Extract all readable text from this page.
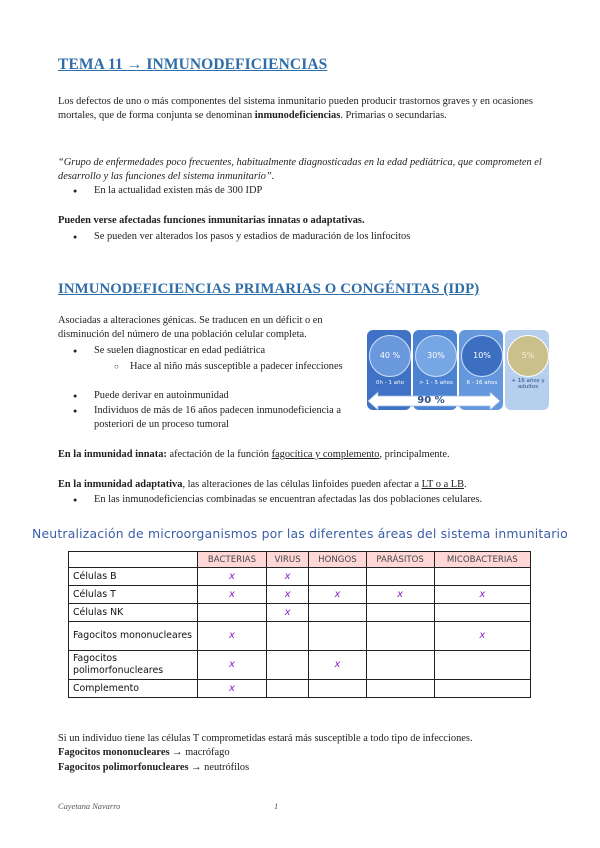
TEMA 11 → INMUNODEFICIENCIAS
Los defectos de uno o más componentes del sistema inmunitario pueden producir trastornos graves y en ocasiones mortales, que de forma conjunta se denominan inmunodeficiencias. Primarias o secundarias.
“Grupo de enfermedades poco frecuentes, habitualmente diagnosticadas en la edad pediátrica, que comprometen el desarrollo y las funciones del sistema inmunitario”.
● En la actualidad existen más de 300 IDP
Pueden verse afectadas funciones inmunitarias innatas o adaptativas.
● Se pueden ver alterados los pasos y estadios de maduración de los linfocitos
INMUNODEFICIENCIAS PRIMARIAS O CONGÉNITAS (IDP)
Asociadas a alteraciones génicas. Se traducen en un déficit o en disminución del número de una población celular completa.
● Se suelen diagnosticar en edad pediátrica
○ Hace al niño más susceptible a padecer infecciones
● Puede derivar en autoinmunidad
● Individuos de más de 16 años padecen inmunodeficiencia a posteriori de un proceso tumoral
40 %	30%	10%	5%
0h - 1 año	> 1 - 5 años	6 - 16 años	+ 16 años y adultos
90 %
En la inmunidad innata: afectación de la función fagocítica y complemento, principalmente.
En la inmunidad adaptativa, las alteraciones de las células linfoides pueden afectar a LT o a LB.
● En las inmunodeficiencias combinadas se encuentran afectadas las dos poblaciones celulares.
Neutralización de microorganismos por las diferentes áreas del sistema inmunitario
	BACTERIAS	VIRUS	HONGOS	PARÁSITOS	MICOBACTERIAS
Células B	x	x			
Células T	x	x	x	x	x
Células NK		x			
Fagocitos mononucleares	x				x
Fagocitos polimorfonucleares	x		x		
Complemento	x				
Si un individuo tiene las células T comprometidas estará más susceptible a todo tipo de infecciones.
Fagocitos mononucleares → macrófago
Fagocitos polimorfonucleares → neutrófilos
Cayetana Navarro	1
